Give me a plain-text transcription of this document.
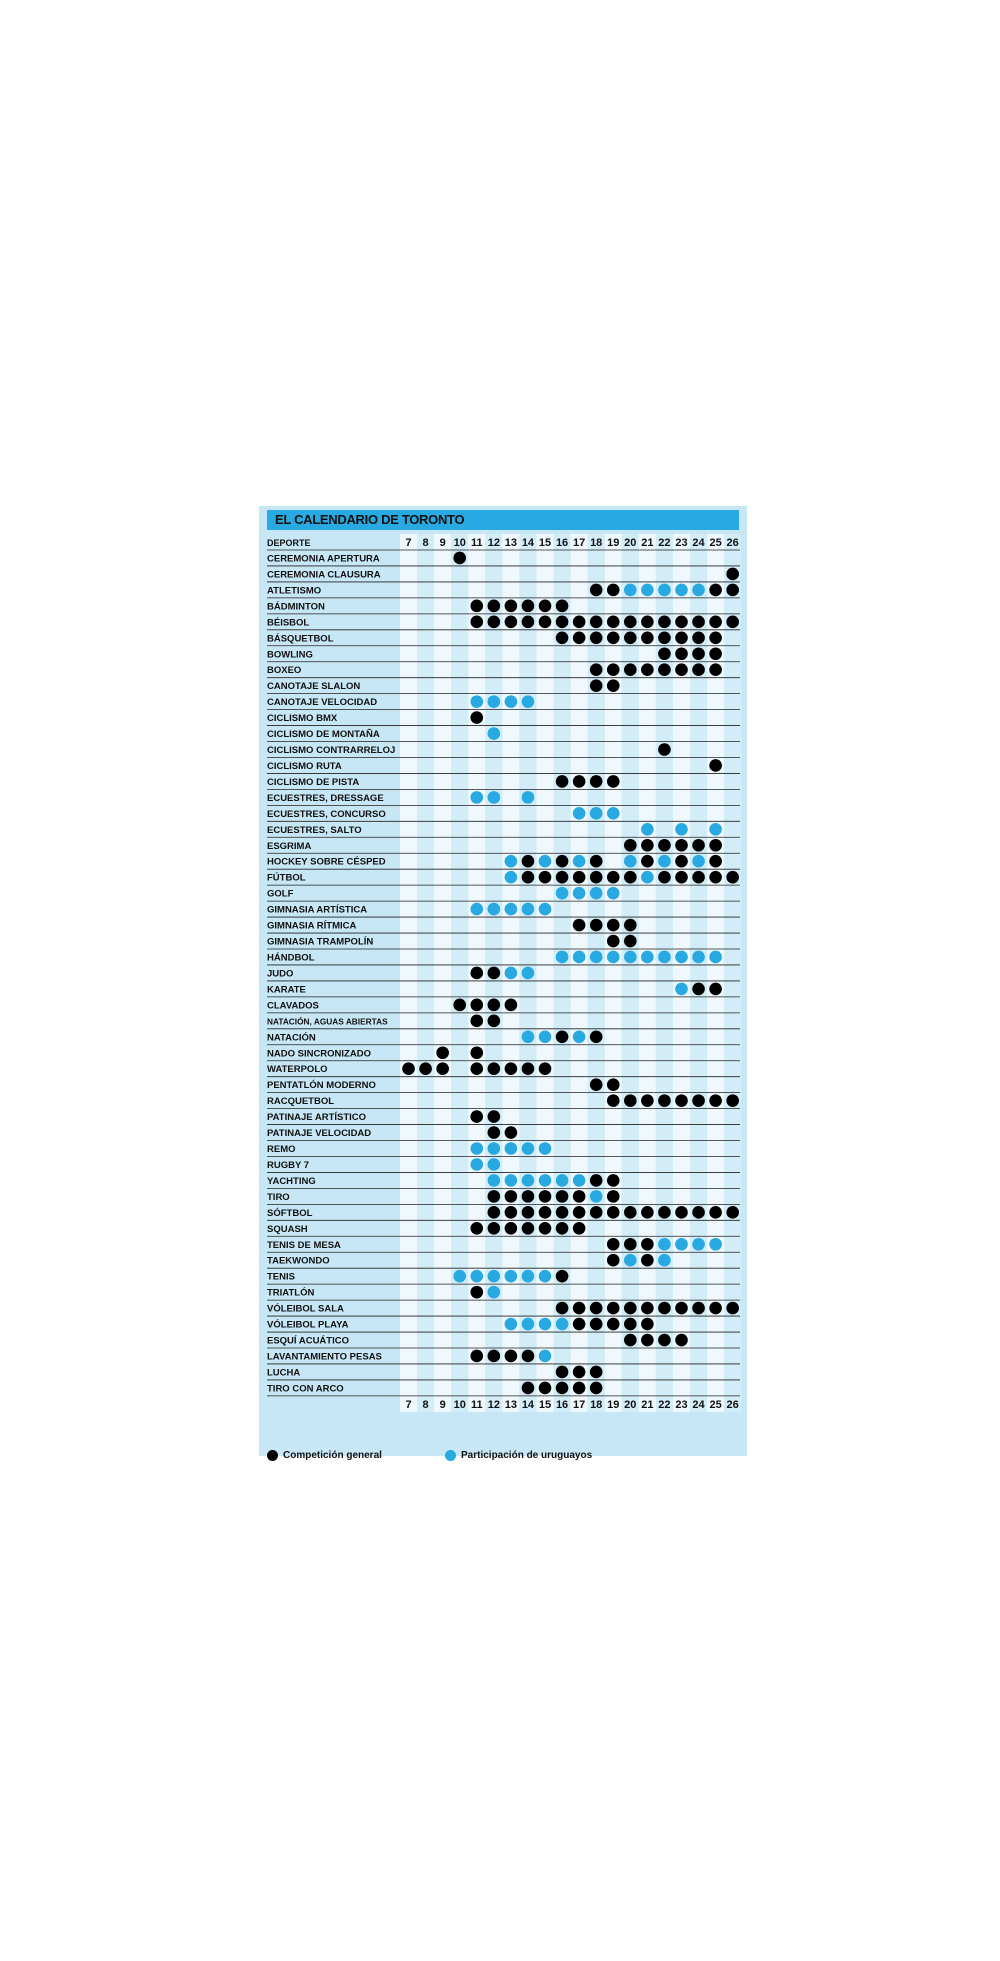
EL CALENDARIO DE TORONTO
DEPORTE	7
7
8
8
9
9
10
10
11
11
12
12
13
13
14
14
15
15
16
16
17
17
18
18
19
19
20
20
21
21
22
22
23
23
24
24
25
25
26
26
CEREMONIA APERTURA
CEREMONIA CLAUSURA
ATLETISMO
BÁDMINTON
BÉISBOL
BÁSQUETBOL
BOWLING
BOXEO
CANOTAJE SLALON
CANOTAJE VELOCIDAD
CICLISMO BMX
CICLISMO DE MONTAÑA
CICLISMO CONTRARRELOJ
CICLISMO RUTA
CICLISMO DE PISTA
ECUESTRES, DRESSAGE
ECUESTRES, CONCURSO
ECUESTRES, SALTO
ESGRIMA
HOCKEY SOBRE CÉSPED
FÚTBOL
GOLF
GIMNASIA ARTÍSTICA
GIMNASIA RÍTMICA
GIMNASIA TRAMPOLÍN
HÁNDBOL
JUDO
KARATE
CLAVADOS
NATACIÓN, AGUAS ABIERTAS
NATACIÓN
NADO SINCRONIZADO
WATERPOLO
PENTATLÓN MODERNO
RACQUETBOL
PATINAJE ARTÍSTICO
PATINAJE VELOCIDAD
REMO
RUGBY 7
YACHTING
TIRO
SÓFTBOL
SQUASH
TENIS DE MESA
TAEKWONDO
TENIS
TRIATLÓN
VÓLEIBOL SALA
VÓLEIBOL PLAYA
ESQUÍ ACUÁTICO
LAVANTAMIENTO PESAS
LUCHA
TIRO CON ARCO
Competición general	Participación de uruguayos
